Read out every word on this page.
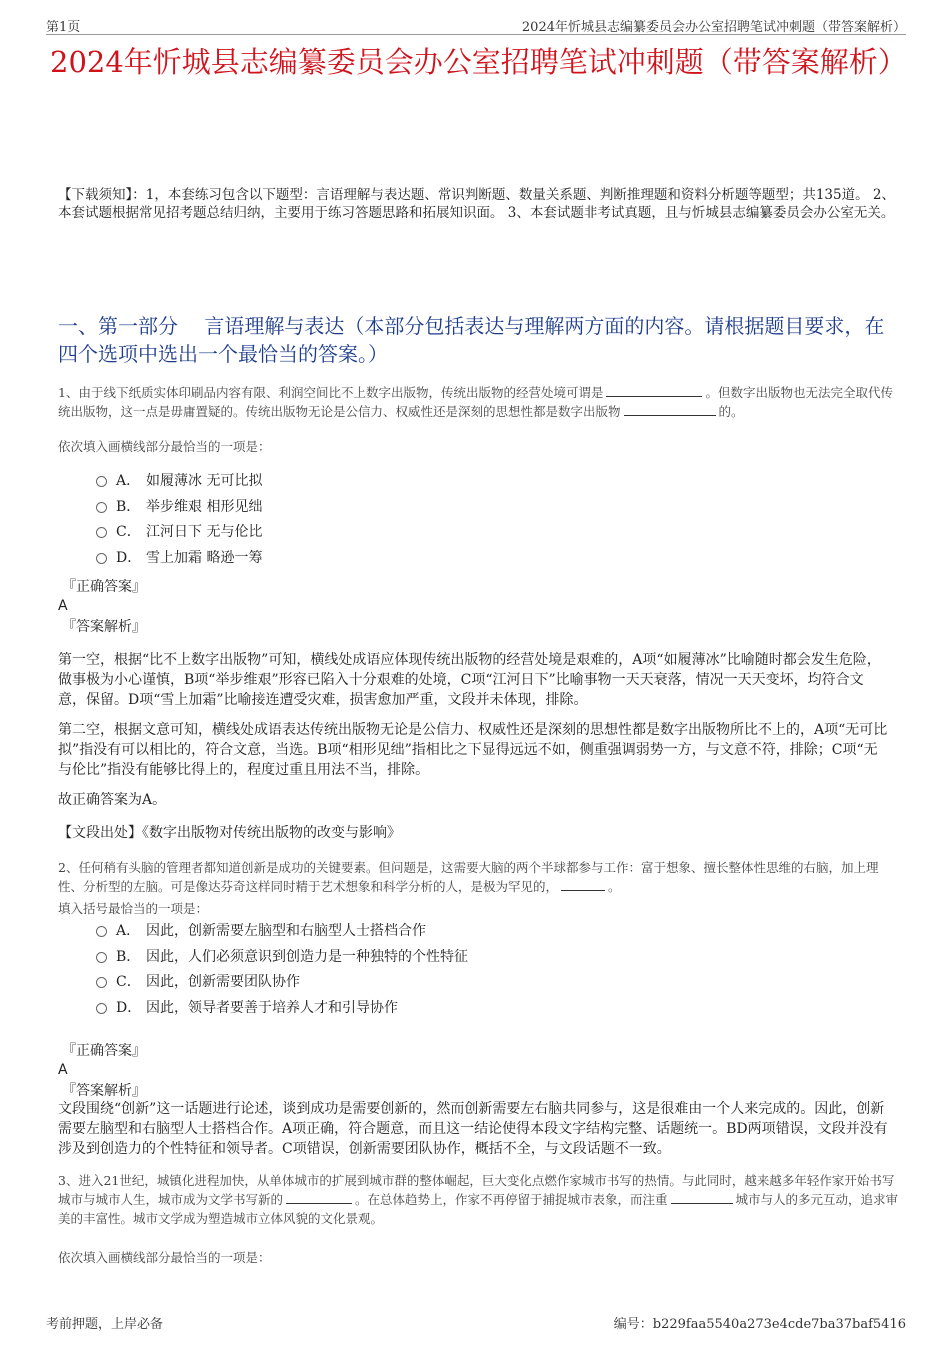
第1页	2024年忻城县志编纂委员会办公室招聘笔试冲刺题（带答案解析）
2024年忻城县志编纂委员会办公室招聘笔试冲刺题（带答案解析）
【下载须知】：1，本套练习包含以下题型：言语理解与表达题、常识判断题、数量关系题、判断推理题和资料分析题等题型；共135道。 2、本套试题根据常见招考题总结归纳，主要用于练习答题思路和拓展知识面。 3、本套试题非考试真题，且与忻城县志编纂委员会办公室无关。
一、第一部分　 言语理解与表达（本部分包括表达与理解两方面的内容。请根据题目要求，在四个选项中选出一个最恰当的答案。）
1、由于线下纸质实体印刷品内容有限、利润空间比不上数字出版物，传统出版物的经营处境可谓是	。但数字出版物也无法完全取代传统出版物，这一点是毋庸置疑的。传统出版物无论是公信力、权威性还是深刻的思想性都是数字出版物	的。
依次填入画横线部分最恰当的一项是：
A． 如履薄冰 无可比拟
B． 举步维艰 相形见绌
C． 江河日下 无与伦比
D． 雪上加霜 略逊一筹
『正确答案』
A
『答案解析』
第一空，根据“比不上数字出版物”可知，横线处成语应体现传统出版物的经营处境是艰难的，A项“如履薄冰”比喻随时都会发生危险，做事极为小心谨慎，B项“举步维艰”形容已陷入十分艰难的处境，C项“江河日下”比喻事物一天天衰落，情况一天天变坏，均符合文意，保留。D项“雪上加霜”比喻接连遭受灾难，损害愈加严重，文段并未体现，排除。
第二空，根据文意可知，横线处成语表达传统出版物无论是公信力、权威性还是深刻的思想性都是数字出版物所比不上的，A项“无可比拟”指没有可以相比的，符合文意，当选。B项“相形见绌”指相比之下显得远远不如，侧重强调弱势一方，与文意不符，排除；C项“无与伦比”指没有能够比得上的，程度过重且用法不当，排除。
故正确答案为A。
【文段出处】《数字出版物对传统出版物的改变与影响》
2、任何稍有头脑的管理者都知道创新是成功的关键要素。但问题是，这需要大脑的两个半球都参与工作：富于想象、擅长整体性思维的右脑，加上理性、分析型的左脑。可是像达芬奇这样同时精于艺术想象和科学分析的人，是极为罕见的，	。
填入括号最恰当的一项是：
A． 因此，创新需要左脑型和右脑型人士搭档合作
B． 因此，人们必须意识到创造力是一种独特的个性特征
C． 因此，创新需要团队协作
D． 因此，领导者要善于培养人才和引导协作
『正确答案』
A
『答案解析』
文段围绕“创新”这一话题进行论述，谈到成功是需要创新的，然而创新需要左右脑共同参与，这是很难由一个人来完成的。因此，创新需要左脑型和右脑型人士搭档合作。A项正确，符合题意，而且这一结论使得本段文字结构完整、话题统一。BD两项错误，文段并没有涉及到创造力的个性特征和领导者。C项错误，创新需要团队协作，概括不全，与文段话题不一致。
3、进入21世纪，城镇化进程加快，从单体城市的扩展到城市群的整体崛起，巨大变化点燃作家城市书写的热情。与此同时，越来越多年轻作家开始书写城市与城市人生，城市成为文学书写新的	。在总体趋势上，作家不再停留于捕捉城市表象，而注重	城市与人的多元互动，追求审美的丰富性。城市文学成为塑造城市立体风貌的文化景观。
依次填入画横线部分最恰当的一项是：
考前押题，上岸必备	编号：b229faa5540a273e4cde7ba37baf5416
